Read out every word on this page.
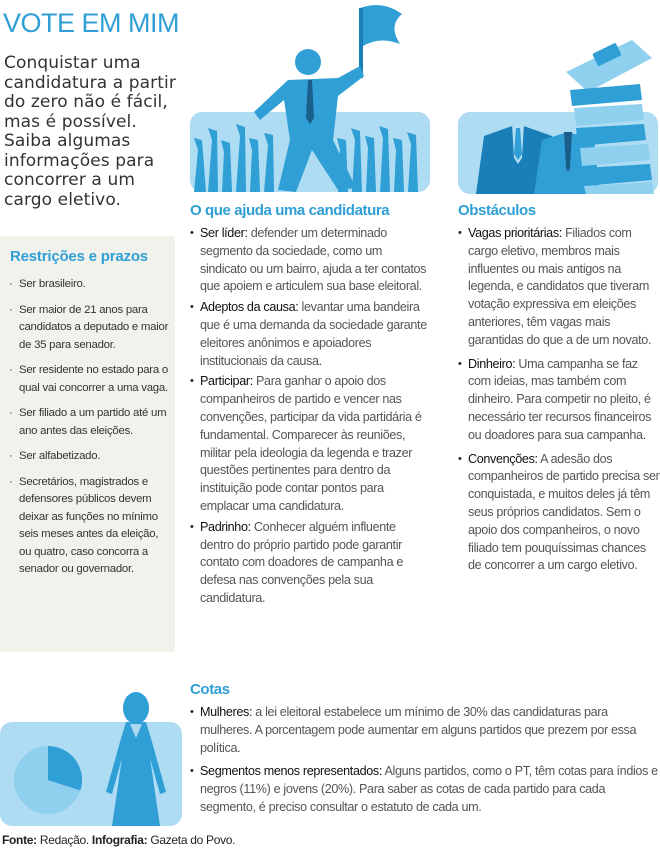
VOTE EM MIM
Conquistar uma candidatura a partir do zero não é fácil, mas é possível. Saiba algumas informações para concorrer a um cargo eletivo.
Restrições e prazos
· Ser brasileiro.
· Ser maior de 21 anos para candidatos a deputado e maior de 35 para senador.
· Ser residente no estado para o qual vai concorrer a uma vaga.
· Ser filiado a um partido até um ano antes das eleições.
· Ser alfabetizado.
· Secretários, magistrados e defensores públicos devem deixar as funções no mínimo seis meses antes da eleição, ou quatro, caso concorra a senador ou governador.
O que ajuda uma candidatura
• Ser líder: defender um determinado segmento da sociedade, como um sindicato ou um bairro, ajuda a ter contatos que apoiem e articulem sua base eleitoral.
• Adeptos da causa: levantar uma bandeira que é uma demanda da sociedade garante eleitores anônimos e apoiadores institucionais da causa.
• Participar: Para ganhar o apoio dos companheiros de partido e vencer nas convenções, participar da vida partidária é fundamental. Comparecer às reuniões, militar pela ideologia da legenda e trazer questões pertinentes para dentro da instituição pode contar pontos para emplacar uma candidatura.
• Padrinho: Conhecer alguém influente dentro do próprio partido pode garantir contato com doadores de campanha e defesa nas convenções pela sua candidatura.
Obstáculos
• Vagas prioritárias: Filiados com cargo eletivo, membros mais influentes ou mais antigos na legenda, e candidatos que tiveram votação expressiva em eleições anteriores, têm vagas mais garantidas do que a de um novato.
• Dinheiro: Uma campanha se faz com ideias, mas também com dinheiro. Para competir no pleito, é necessário ter recursos financeiros ou doadores para sua campanha.
• Convenções: A adesão dos companheiros de partido precisa ser conquistada, e muitos deles já têm seus próprios candidatos. Sem o apoio dos companheiros, o novo filiado tem pouquíssimas chances de concorrer a um cargo eletivo.
Cotas
• Mulheres: a lei eleitoral estabelece um mínimo de 30% das candidaturas para mulheres. A porcentagem pode aumentar em alguns partidos que prezem por essa política.
• Segmentos menos representados: Alguns partidos, como o PT, têm cotas para índios e negros (11%) e jovens (20%). Para saber as cotas de cada partido para cada segmento, é preciso consultar o estatuto de cada um.
Fonte: Redação. Infografia: Gazeta do Povo.
